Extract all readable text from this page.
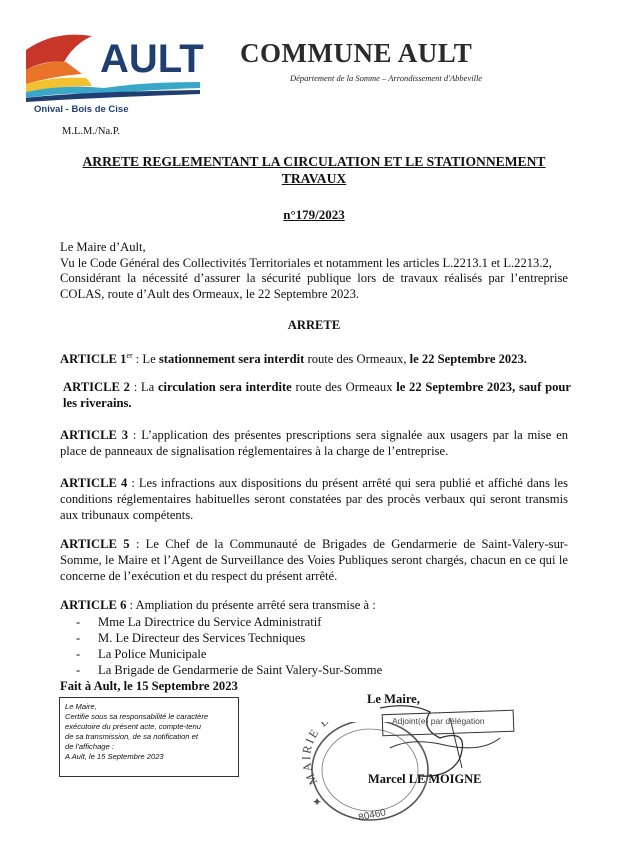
AULT
Onival - Bois de Cise
COMMUNE AULT
Département de la Somme – Arrondissement d'Abbeville
M.L.M./Na.P.
ARRETE REGLEMENTANT LA CIRCULATION ET LE STATIONNEMENT
TRAVAUX
n°179/2023
Le Maire d’Ault,
Vu le Code Général des Collectivités Territoriales et notamment les articles L.2213.1 et L.2213.2,
Considérant la nécessité d’assurer la sécurité publique lors de travaux réalisés par l’entreprise COLAS, route d’Ault des Ormeaux, le 22 Septembre 2023.
ARRETE
ARTICLE 1er : Le stationnement sera interdit route des Ormeaux, le 22 Septembre 2023.
ARTICLE 2 : La circulation sera interdite route des Ormeaux le 22 Septembre 2023, sauf pour les riverains.
ARTICLE 3 : L’application des présentes prescriptions sera signalée aux usagers par la mise en place de panneaux de signalisation réglementaires à la charge de l’entreprise.
ARTICLE 4 : Les infractions aux dispositions du présent arrêté qui sera publié et affiché dans les conditions réglementaires habituelles seront constatées par des procès verbaux qui seront transmis aux tribunaux compétents.
ARTICLE 5 : Le Chef de la Communauté de Brigades de Gendarmerie de Saint-Valery-sur-Somme, le Maire et l’Agent de Surveillance des Voies Publiques seront chargés, chacun en ce qui le concerne de l’exécution et du respect du présent arrêté.
ARTICLE 6 : Ampliation du présente arrêté sera transmise à :
- Mme La Directrice du Service Administratif
- M. Le Directeur des Services Techniques
- La Police Municipale
- La Brigade de Gendarmerie de Saint Valery-Sur-Somme
Fait à Ault, le 15 Septembre 2023
Le Maire,
Certifie sous sa responsabilité le caractère
exécutoire du présent acte, compte-tenu
de sa transmission, de sa notification et
de l’affichage :
A Ault, le 15 Septembre 2023
MAIRIE
80460
✦
Le Maire,
Adjoint(e) par délégation
Marcel LE MOIGNE
